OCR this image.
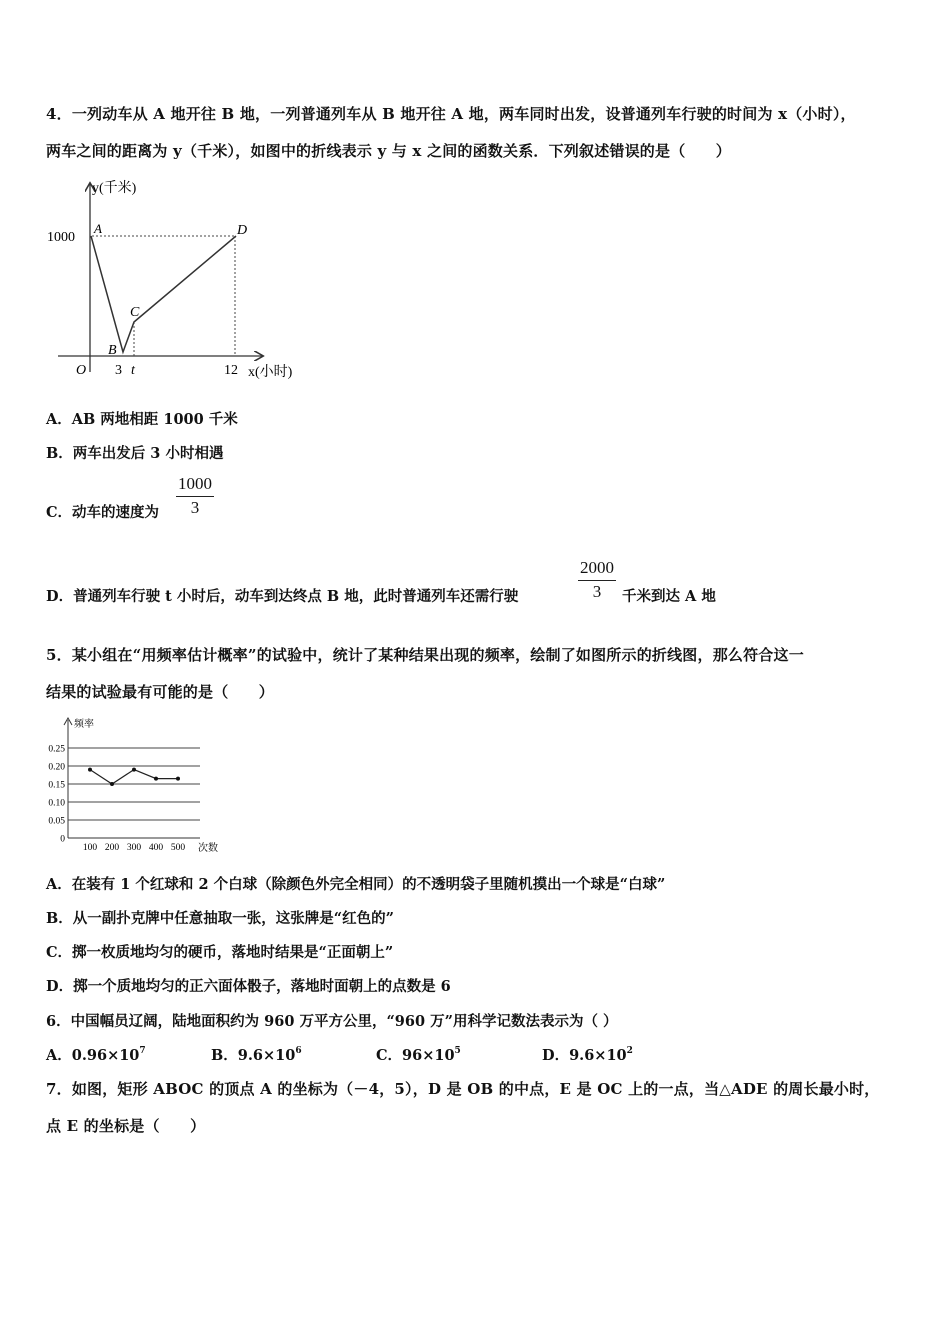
4．一列动车从 A 地开往 B 地，一列普通列车从 B 地开往 A 地，两车同时出发，设普通列车行驶的时间为 x（小时），
两车之间的距离为 y（千米），如图中的折线表示 y 与 x 之间的函数关系．下列叙述错误的是（　　）
y(千米)
x(小时)
O
1000
A
B
C
D
3 t	12
A．AB 两地相距 1000 千米
B．两车出发后 3 小时相遇
C．动车的速度为
1000
3
D．普通列车行驶 t 小时后，动车到达终点 B 地，此时普通列车还需行驶
2000
3	千米到达 A 地
5．某小组在“用频率估计概率”的试验中，统计了某种结果出现的频率，绘制了如图所示的折线图，那么符合这一
结果的试验最有可能的是（　　）
频率
次数
0
0.05
0.10
0.15
0.20
0.25
100 200 300 400 500
A．在装有 1 个红球和 2 个白球（除颜色外完全相同）的不透明袋子里随机摸出一个球是“白球”
B．从一副扑克牌中任意抽取一张，这张牌是“红色的”
C．掷一枚质地均匀的硬币，落地时结果是“正面朝上”
D．掷一个质地均匀的正六面体骰子，落地时面朝上的点数是 6
6．中国幅员辽阔，陆地面积约为 960 万平方公里，“960 万”用科学记数法表示为（ ）
A．$0.96\times 10^7$	B．$9.6\times 10^6$	C．$96\times 10^5$	D．$9.6\times 10^2$
7．如图，矩形 ABOC 的顶点 A 的坐标为（－4，5），D 是 OB 的中点，E 是 OC 上的一点，当△ADE 的周长最小时，
点 E 的坐标是（　　）
